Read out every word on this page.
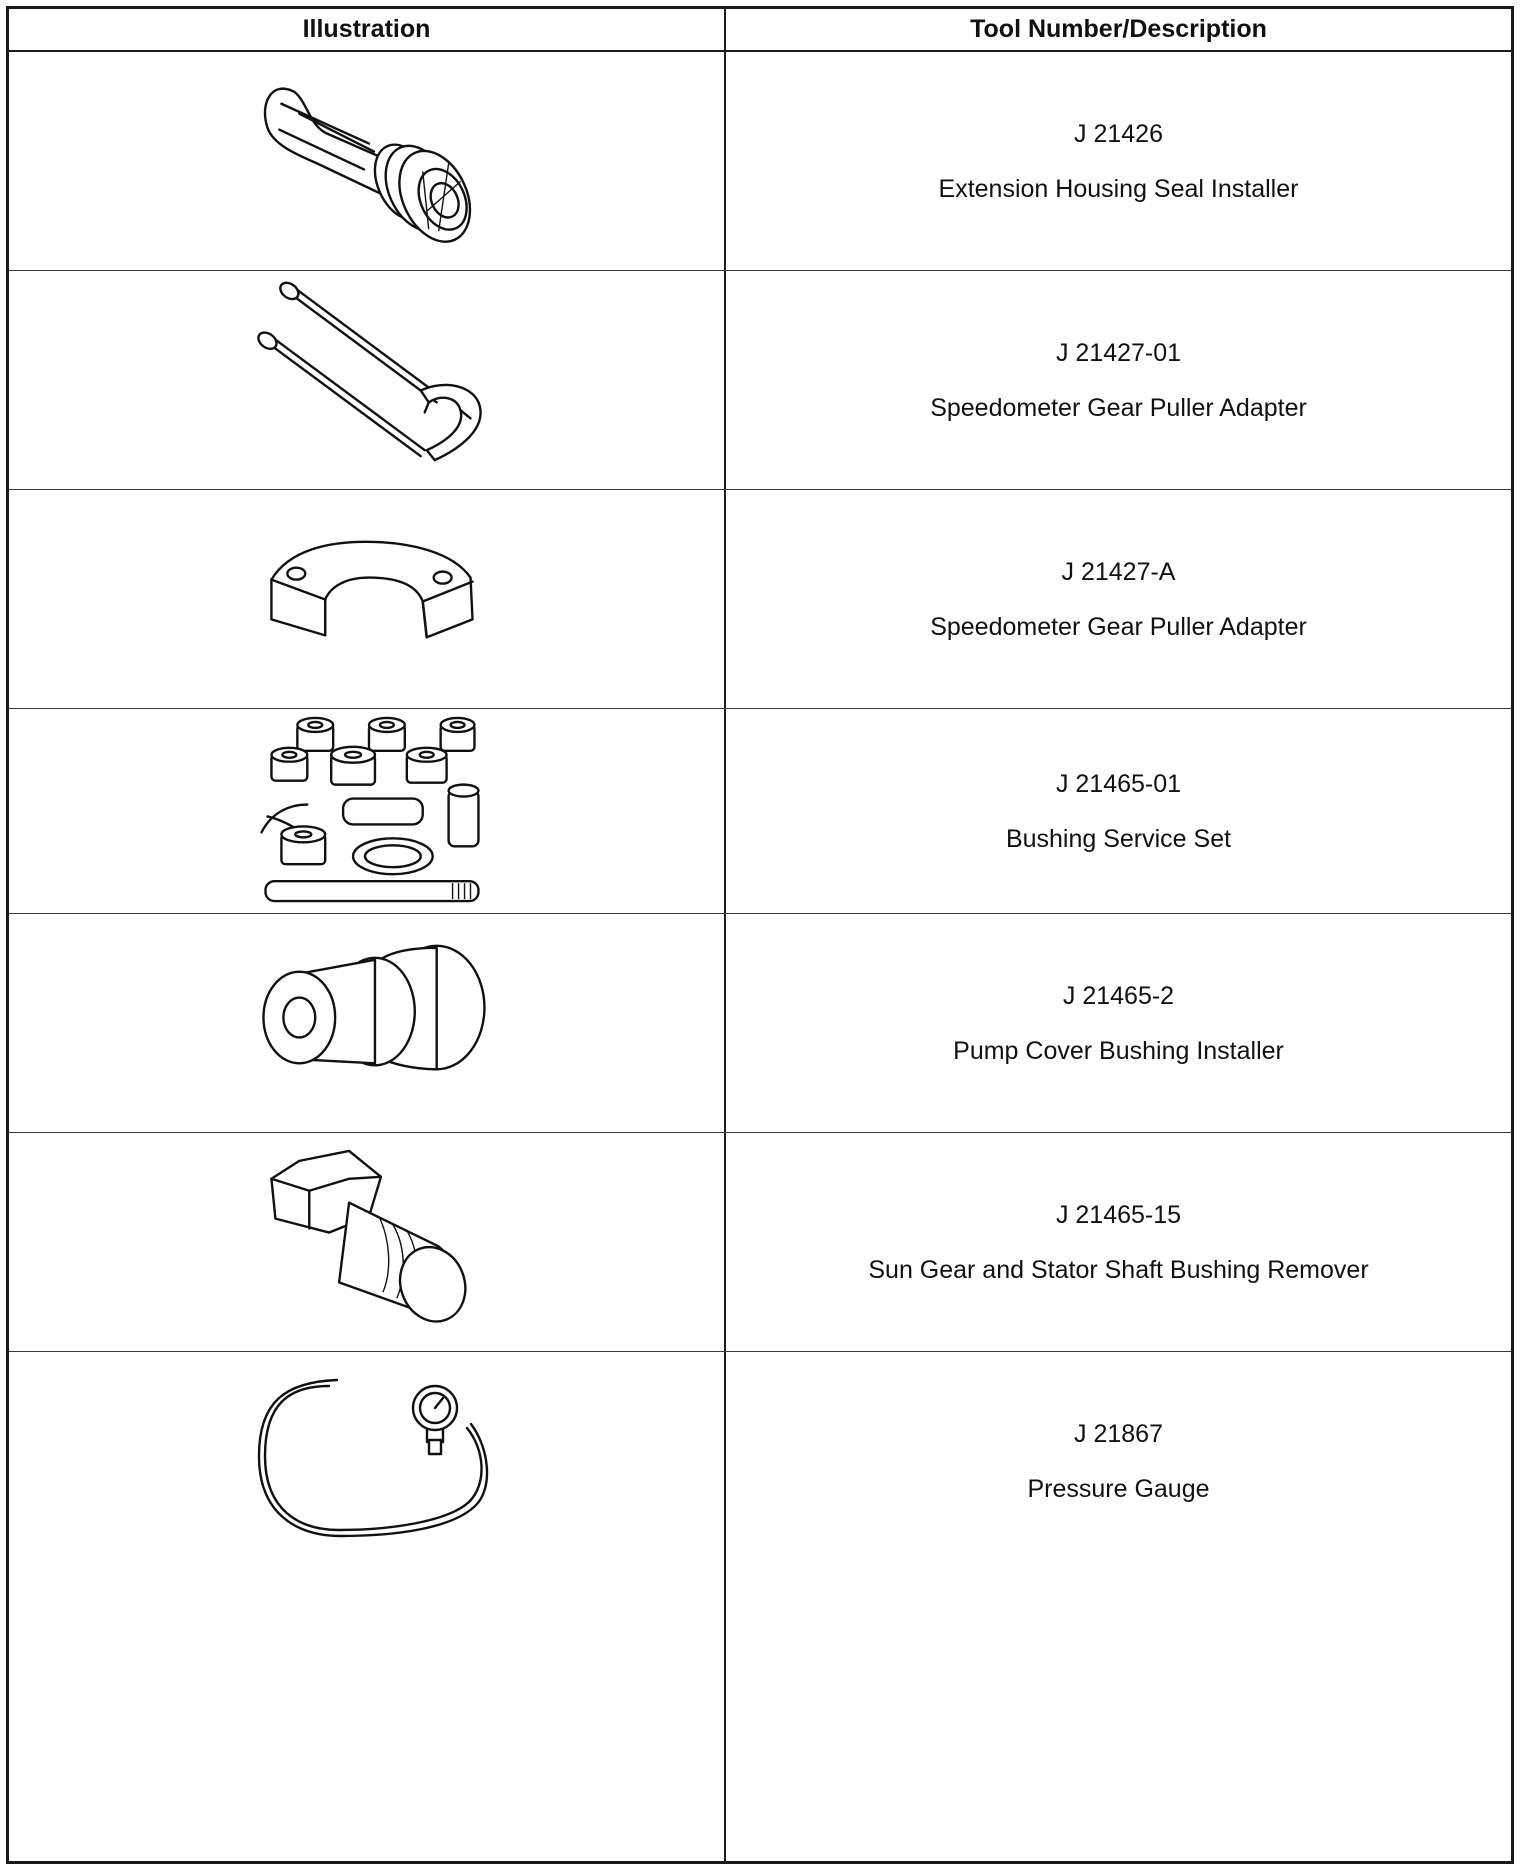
Illustration	Tool Number/Description
J 21426
Extension Housing Seal Installer
J 21427-01
Speedometer Gear Puller Adapter
J 21427-A
Speedometer Gear Puller Adapter
J 21465-01
Bushing Service Set
J 21465-2
Pump Cover Bushing Installer
J 21465-15
Sun Gear and Stator Shaft Bushing Remover
J 21867
Pressure Gauge
